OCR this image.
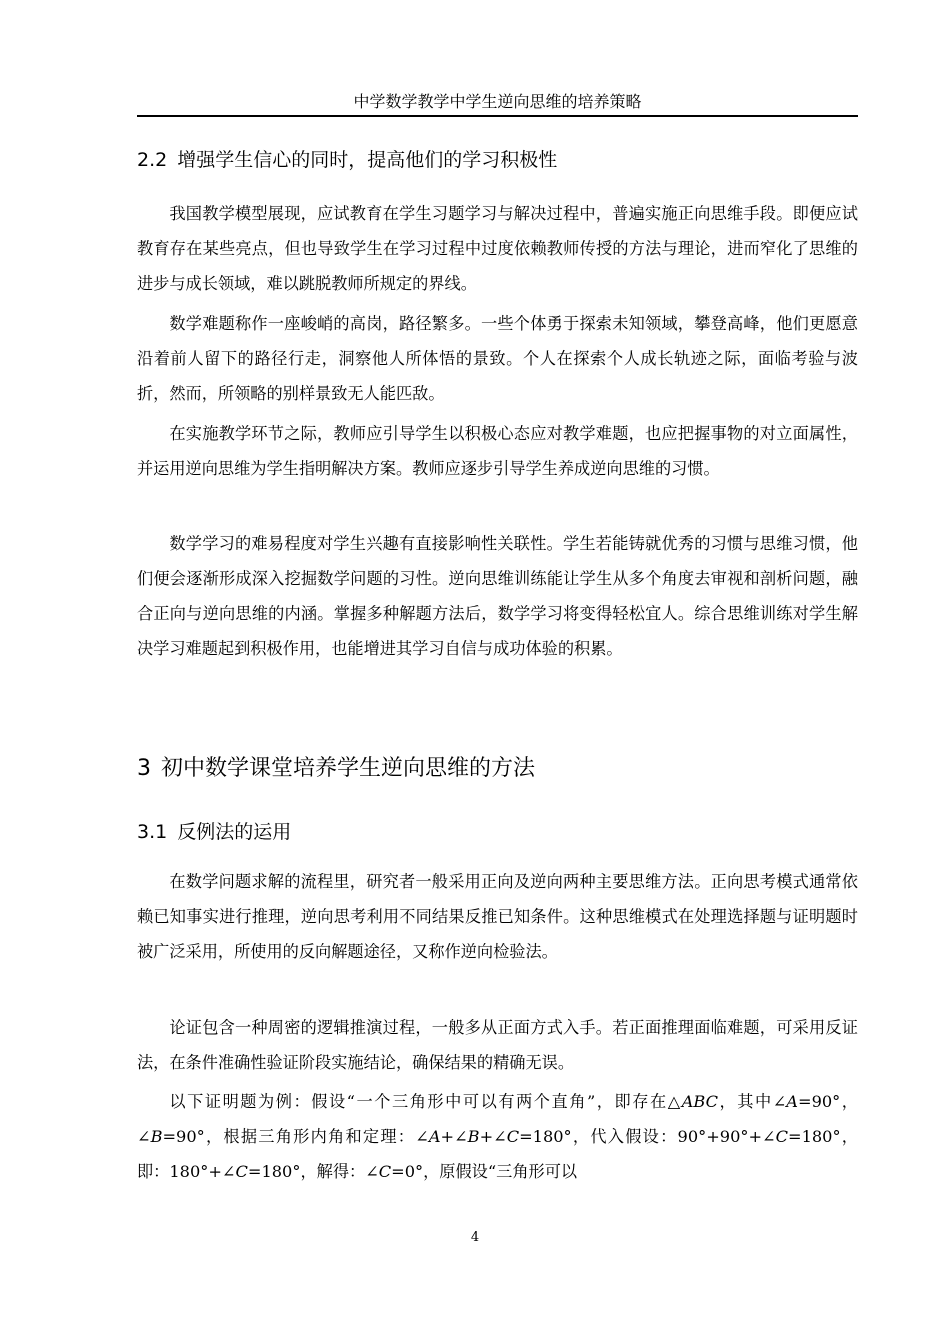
中学数学教学中学生逆向思维的培养策略
2.2 增强学生信心的同时，提高他们的学习积极性

我国教学模型展现，应试教育在学生习题学习与解决过程中，普遍实施正向思维手段。即便应试教育存在某些亮点，但也导致学生在学习过程中过度依赖教师传授的方法与理论，进而窄化了思维的进步与成长领域，难以跳脱教师所规定的界线。

数学难题称作一座峻峭的高岗，路径繁多。一些个体勇于探索未知领域，攀登高峰，他们更愿意沿着前人留下的路径行走，洞察他人所体悟的景致。个人在探索个人成长轨迹之际，面临考验与波折，然而，所领略的别样景致无人能匹敌。

在实施教学环节之际，教师应引导学生以积极心态应对教学难题，也应把握事物的对立面属性，并运用逆向思维为学生指明解决方案。教师应逐步引导学生养成逆向思维的习惯。

数学学习的难易程度对学生兴趣有直接影响性关联性。学生若能铸就优秀的习惯与思维习惯，他们便会逐渐形成深入挖掘数学问题的习性。逆向思维训练能让学生从多个角度去审视和剖析问题，融合正向与逆向思维的内涵。掌握多种解题方法后，数学学习将变得轻松宜人。综合思维训练对学生解决学习难题起到积极作用，也能增进其学习自信与成功体验的积累。

3 初中数学课堂培养学生逆向思维的方法
3.1 反例法的运用

在数学问题求解的流程里，研究者一般采用正向及逆向两种主要思维方法。正向思考模式通常依赖已知事实进行推理，逆向思考利用不同结果反推已知条件。这种思维模式在处理选择题与证明题时被广泛采用，所使用的反向解题途径，又称作逆向检验法。

论证包含一种周密的逻辑推演过程，一般多从正面方式入手。若正面推理面临难题，可采用反证法，在条件准确性验证阶段实施结论，确保结果的精确无误。

以下证明题为例：假设“一个三角形中可以有两个直角”，即存在△ABC，其中∠A=90°，∠B=90°，根据三角形内角和定理：∠A+∠B+∠C=180°，代入假设：90°+90°+∠C=180°，即：180°+∠C=180°，解得：∠C=0°，原假设“三角形可以

4
